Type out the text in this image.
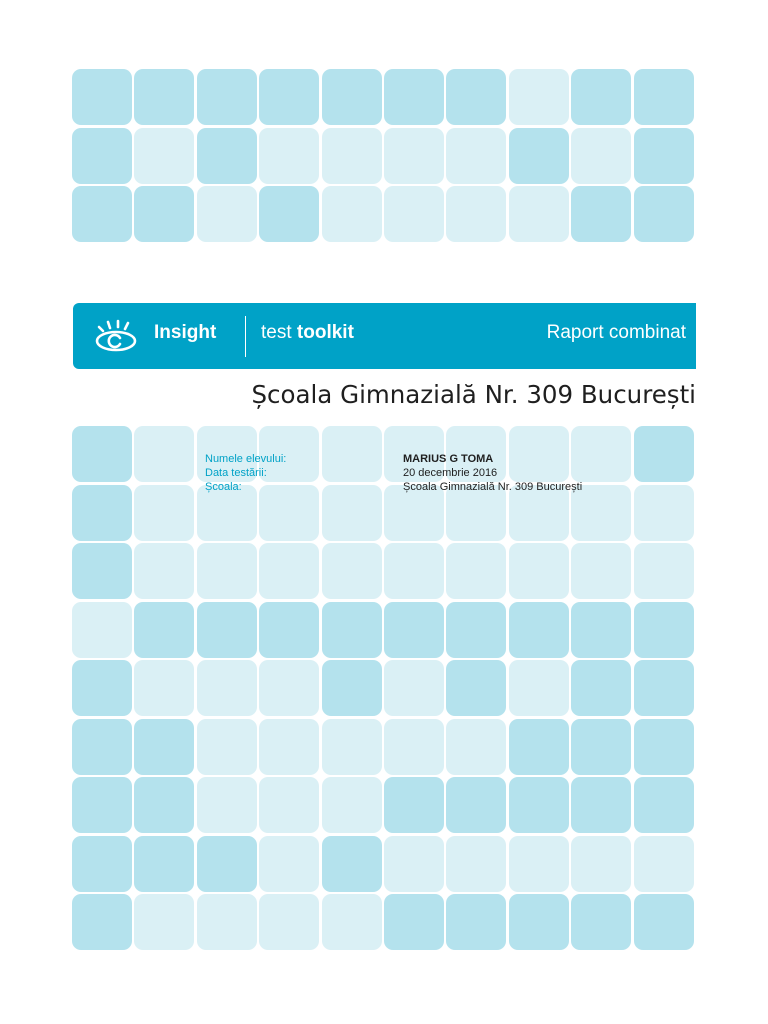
Insight test toolkit	Raport combinat
Școala Gimnazială Nr. 309 București
Numele elevului:	MARIUS G TOMA
Data testării:	20 decembrie 2016
Școala:	Școala Gimnazială Nr. 309 București
